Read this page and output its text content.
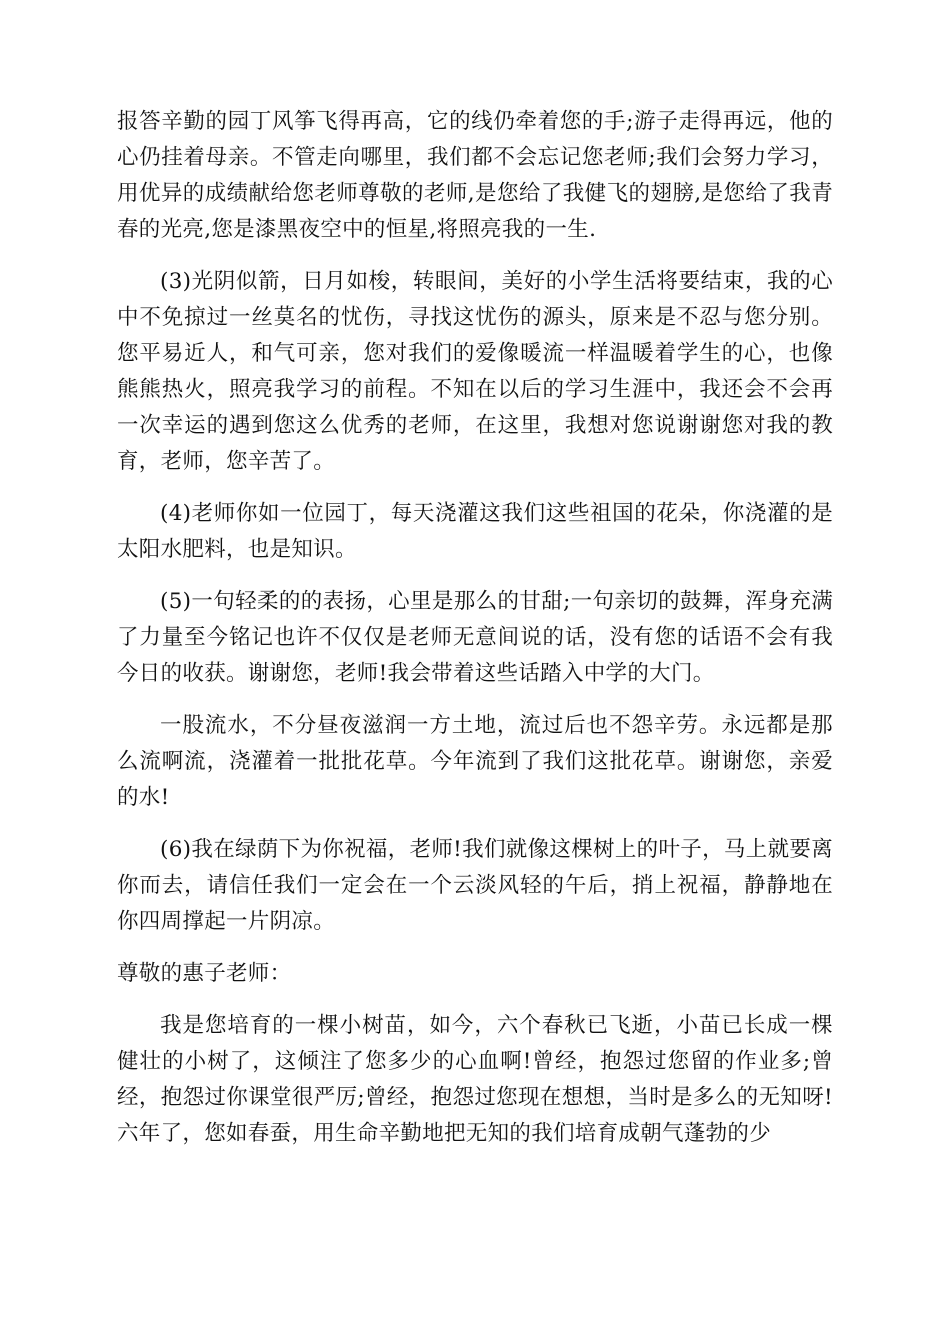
报答辛勤的园丁风筝飞得再高，它的线仍牵着您的手;游子走得再远，他的心仍挂着母亲。不管走向哪里，我们都不会忘记您老师;我们会努力学习，用优异的成绩献给您老师尊敬的老师,是您给了我健飞的翅膀,是您给了我青春的光亮,您是漆黑夜空中的恒星,将照亮我的一生.

(3)光阴似箭，日月如梭，转眼间，美好的小学生活将要结束，我的心中不免掠过一丝莫名的忧伤，寻找这忧伤的源头，原来是不忍与您分别。您平易近人，和气可亲，您对我们的爱像暖流一样温暖着学生的心，也像熊熊热火，照亮我学习的前程。不知在以后的学习生涯中，我还会不会再一次幸运的遇到您这么优秀的老师，在这里，我想对您说谢谢您对我的教育，老师，您辛苦了。

(4)老师你如一位园丁，每天浇灌这我们这些祖国的花朵，你浇灌的是太阳水肥料，也是知识。

(5)一句轻柔的的表扬，心里是那么的甘甜;一句亲切的鼓舞，浑身充满了力量至今铭记也许不仅仅是老师无意间说的话，没有您的话语不会有我今日的收获。谢谢您，老师!我会带着这些话踏入中学的大门。

一股流水，不分昼夜滋润一方土地，流过后也不怨辛劳。永远都是那么流啊流，浇灌着一批批花草。今年流到了我们这批花草。谢谢您，亲爱的水!

(6)我在绿荫下为你祝福，老师!我们就像这棵树上的叶子，马上就要离你而去，请信任我们一定会在一个云淡风轻的午后，捎上祝福，静静地在你四周撑起一片阴凉。

尊敬的惠子老师：

我是您培育的一棵小树苗，如今，六个春秋已飞逝，小苗已长成一棵健壮的小树了，这倾注了您多少的心血啊!曾经，抱怨过您留的作业多;曾经，抱怨过你课堂很严厉;曾经，抱怨过您现在想想，当时是多么的无知呀!六年了，您如春蚕，用生命辛勤地把无知的我们培育成朝气蓬勃的少
